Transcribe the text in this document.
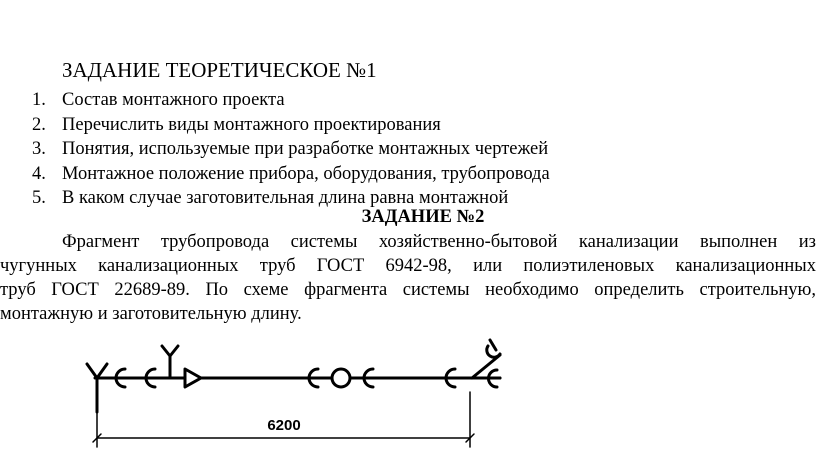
ЗАДАНИЕ ТЕОРЕТИЧЕСКОЕ №1
1. Состав монтажного проекта
2. Перечислить виды монтажного проектирования
3. Понятия, используемые при разработке монтажных чертежей
4. Монтажное положение прибора, оборудования, трубопровода
5. В каком случае заготовительная длина равна монтажной
ЗАДАНИЕ №2
Фрагмент трубопровода системы хозяйственно-бытовой канализации выполнен из
чугунных канализационных труб ГОСТ 6942-98, или полиэтиленовых канализационных
труб ГОСТ 22689-89. По схеме фрагмента системы необходимо определить строительную,
монтажную и заготовительную длину.
6200
